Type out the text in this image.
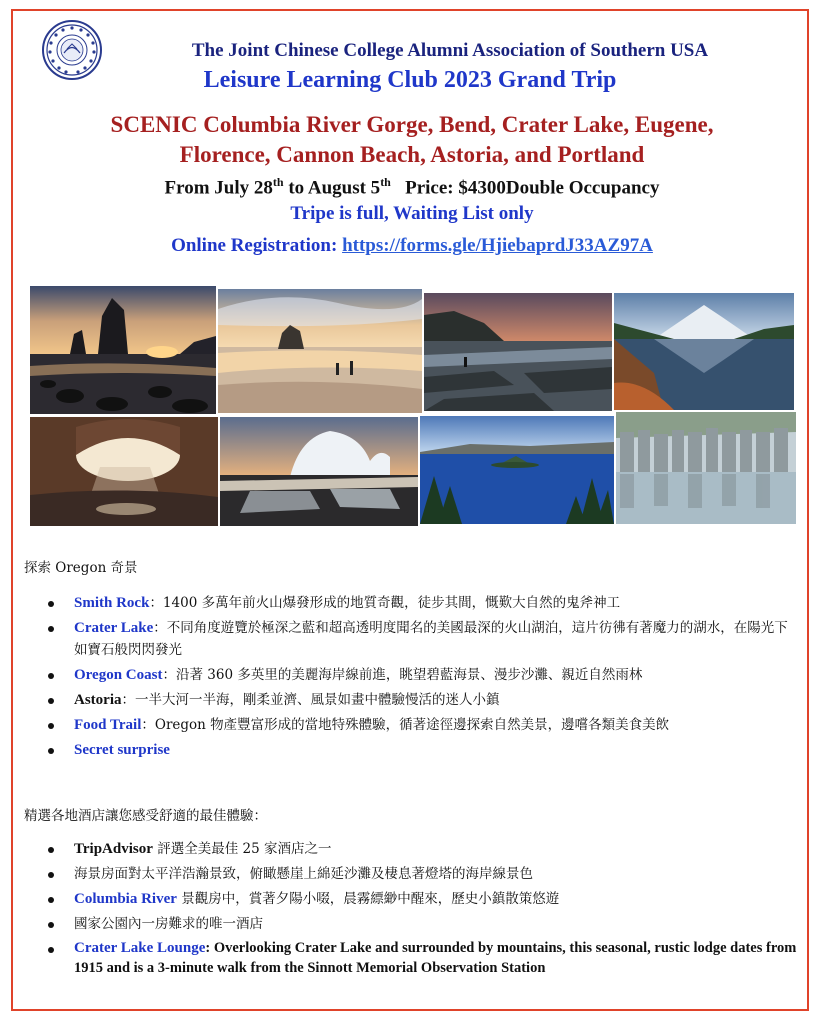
The Joint Chinese College Alumni Association of Southern USA
Leisure Learning Club 2023 Grand Trip
SCENIC Columbia River Gorge, Bend, Crater Lake, Eugene,
Florence, Cannon Beach, Astoria, and Portland
From July 28th to August 5th Price: $4300Double Occupancy
Tripe is full, Waiting List only
Online Registration: https://forms.gle/HjiebaprdJ33AZ97A
探索 Oregon 奇景
Smith Rock：1400 多萬年前火山爆發形成的地質奇觀，徒步其間，慨歎大自然的鬼斧神工
Crater Lake：不同角度遊覽於極深之藍和超高透明度聞名的美國最深的火山湖泊，這片彷彿有著魔力的湖水，在陽光下如寶石般閃閃發光
Oregon Coast：沿著 360 多英里的美麗海岸線前進，眺望碧藍海景、漫步沙灘、親近自然雨林
Astoria：一半大河一半海，剛柔並濟、風景如畫中體驗慢活的迷人小鎮
Food Trail：Oregon 物產豐富形成的當地特殊體驗，循著途徑邊探索自然美景，邊嚐各類美食美飲
Secret surprise
精選各地酒店讓您感受舒適的最佳體驗：
TripAdvisor 評選全美最佳 25 家酒店之一
海景房面對太平洋浩瀚景致，俯瞰懸崖上綿延沙灘及棲息著燈塔的海岸線景色
Columbia River 景觀房中，賞著夕陽小啜，晨霧縹緲中醒來，歷史小鎮散策悠遊
國家公園內一房難求的唯一酒店
Crater Lake Lounge: Overlooking Crater Lake and surrounded by mountains, this seasonal, rustic lodge dates from 1915 and is a 3-minute walk from the Sinnott Memorial Observation Station
